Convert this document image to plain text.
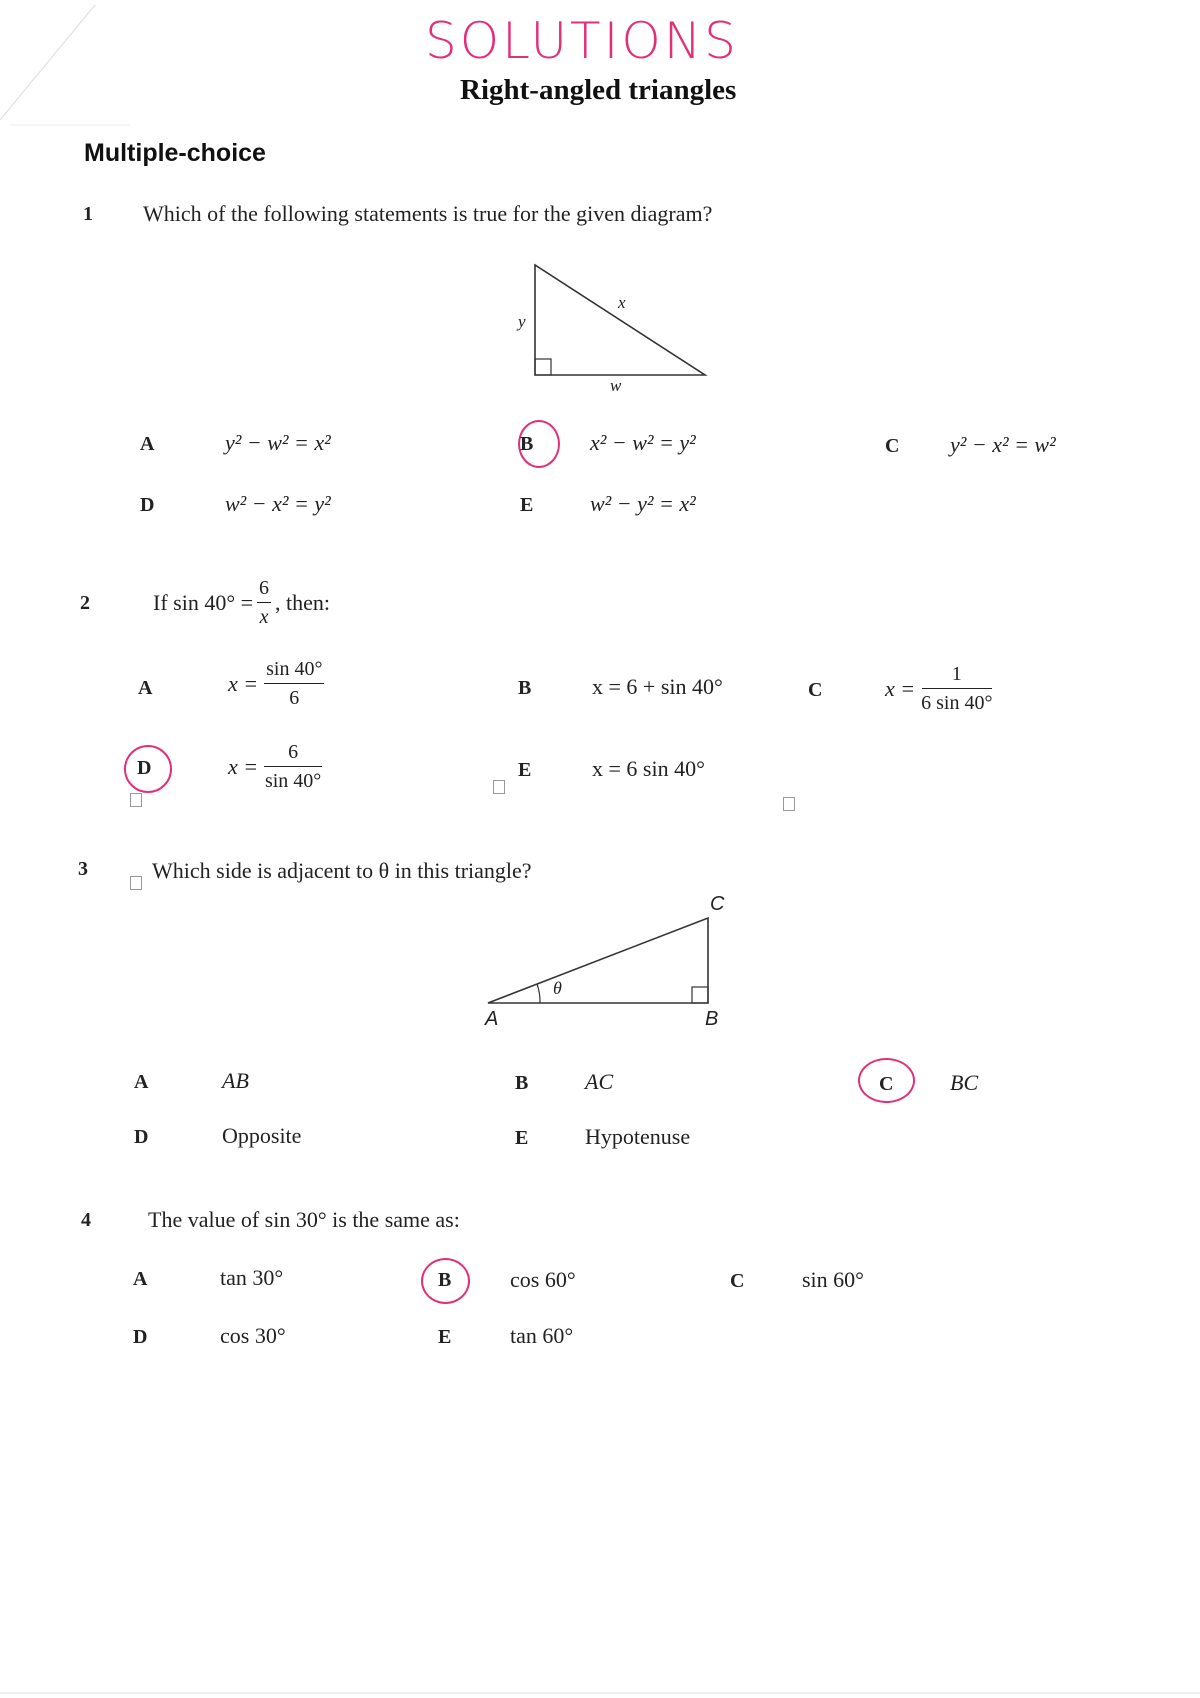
SOLUTIONS
Right-angled triangles
Multiple-choice
1 Which of the following statements is true for the given diagram?
x
y
w
A	y² − w² = x²	B	x² − w² = y²	C y² − x² = w²
D	w² − x² = y²	E	w² − y² = x²
2	If $\sin 40^\circ = \frac{6}{x}$ , then:
A	$x = \frac{\sin 40^\circ}{6}$	B	x = 6 + sin 40°	C	$x = \frac{1}{6 \sin 40^\circ}$
D	$x = \frac{6}{\sin 40^\circ}$	E	x = 6 sin 40°
3	Which side is adjacent to θ in this triangle?
θ
A	B
C
A	AB	B	AC	C	BC
D	Opposite	E	Hypotenuse
4	The value of sin 30° is the same as:
A	tan 30°	B	cos 60°	C	sin 60°
D	cos 30°	E	tan 60°
